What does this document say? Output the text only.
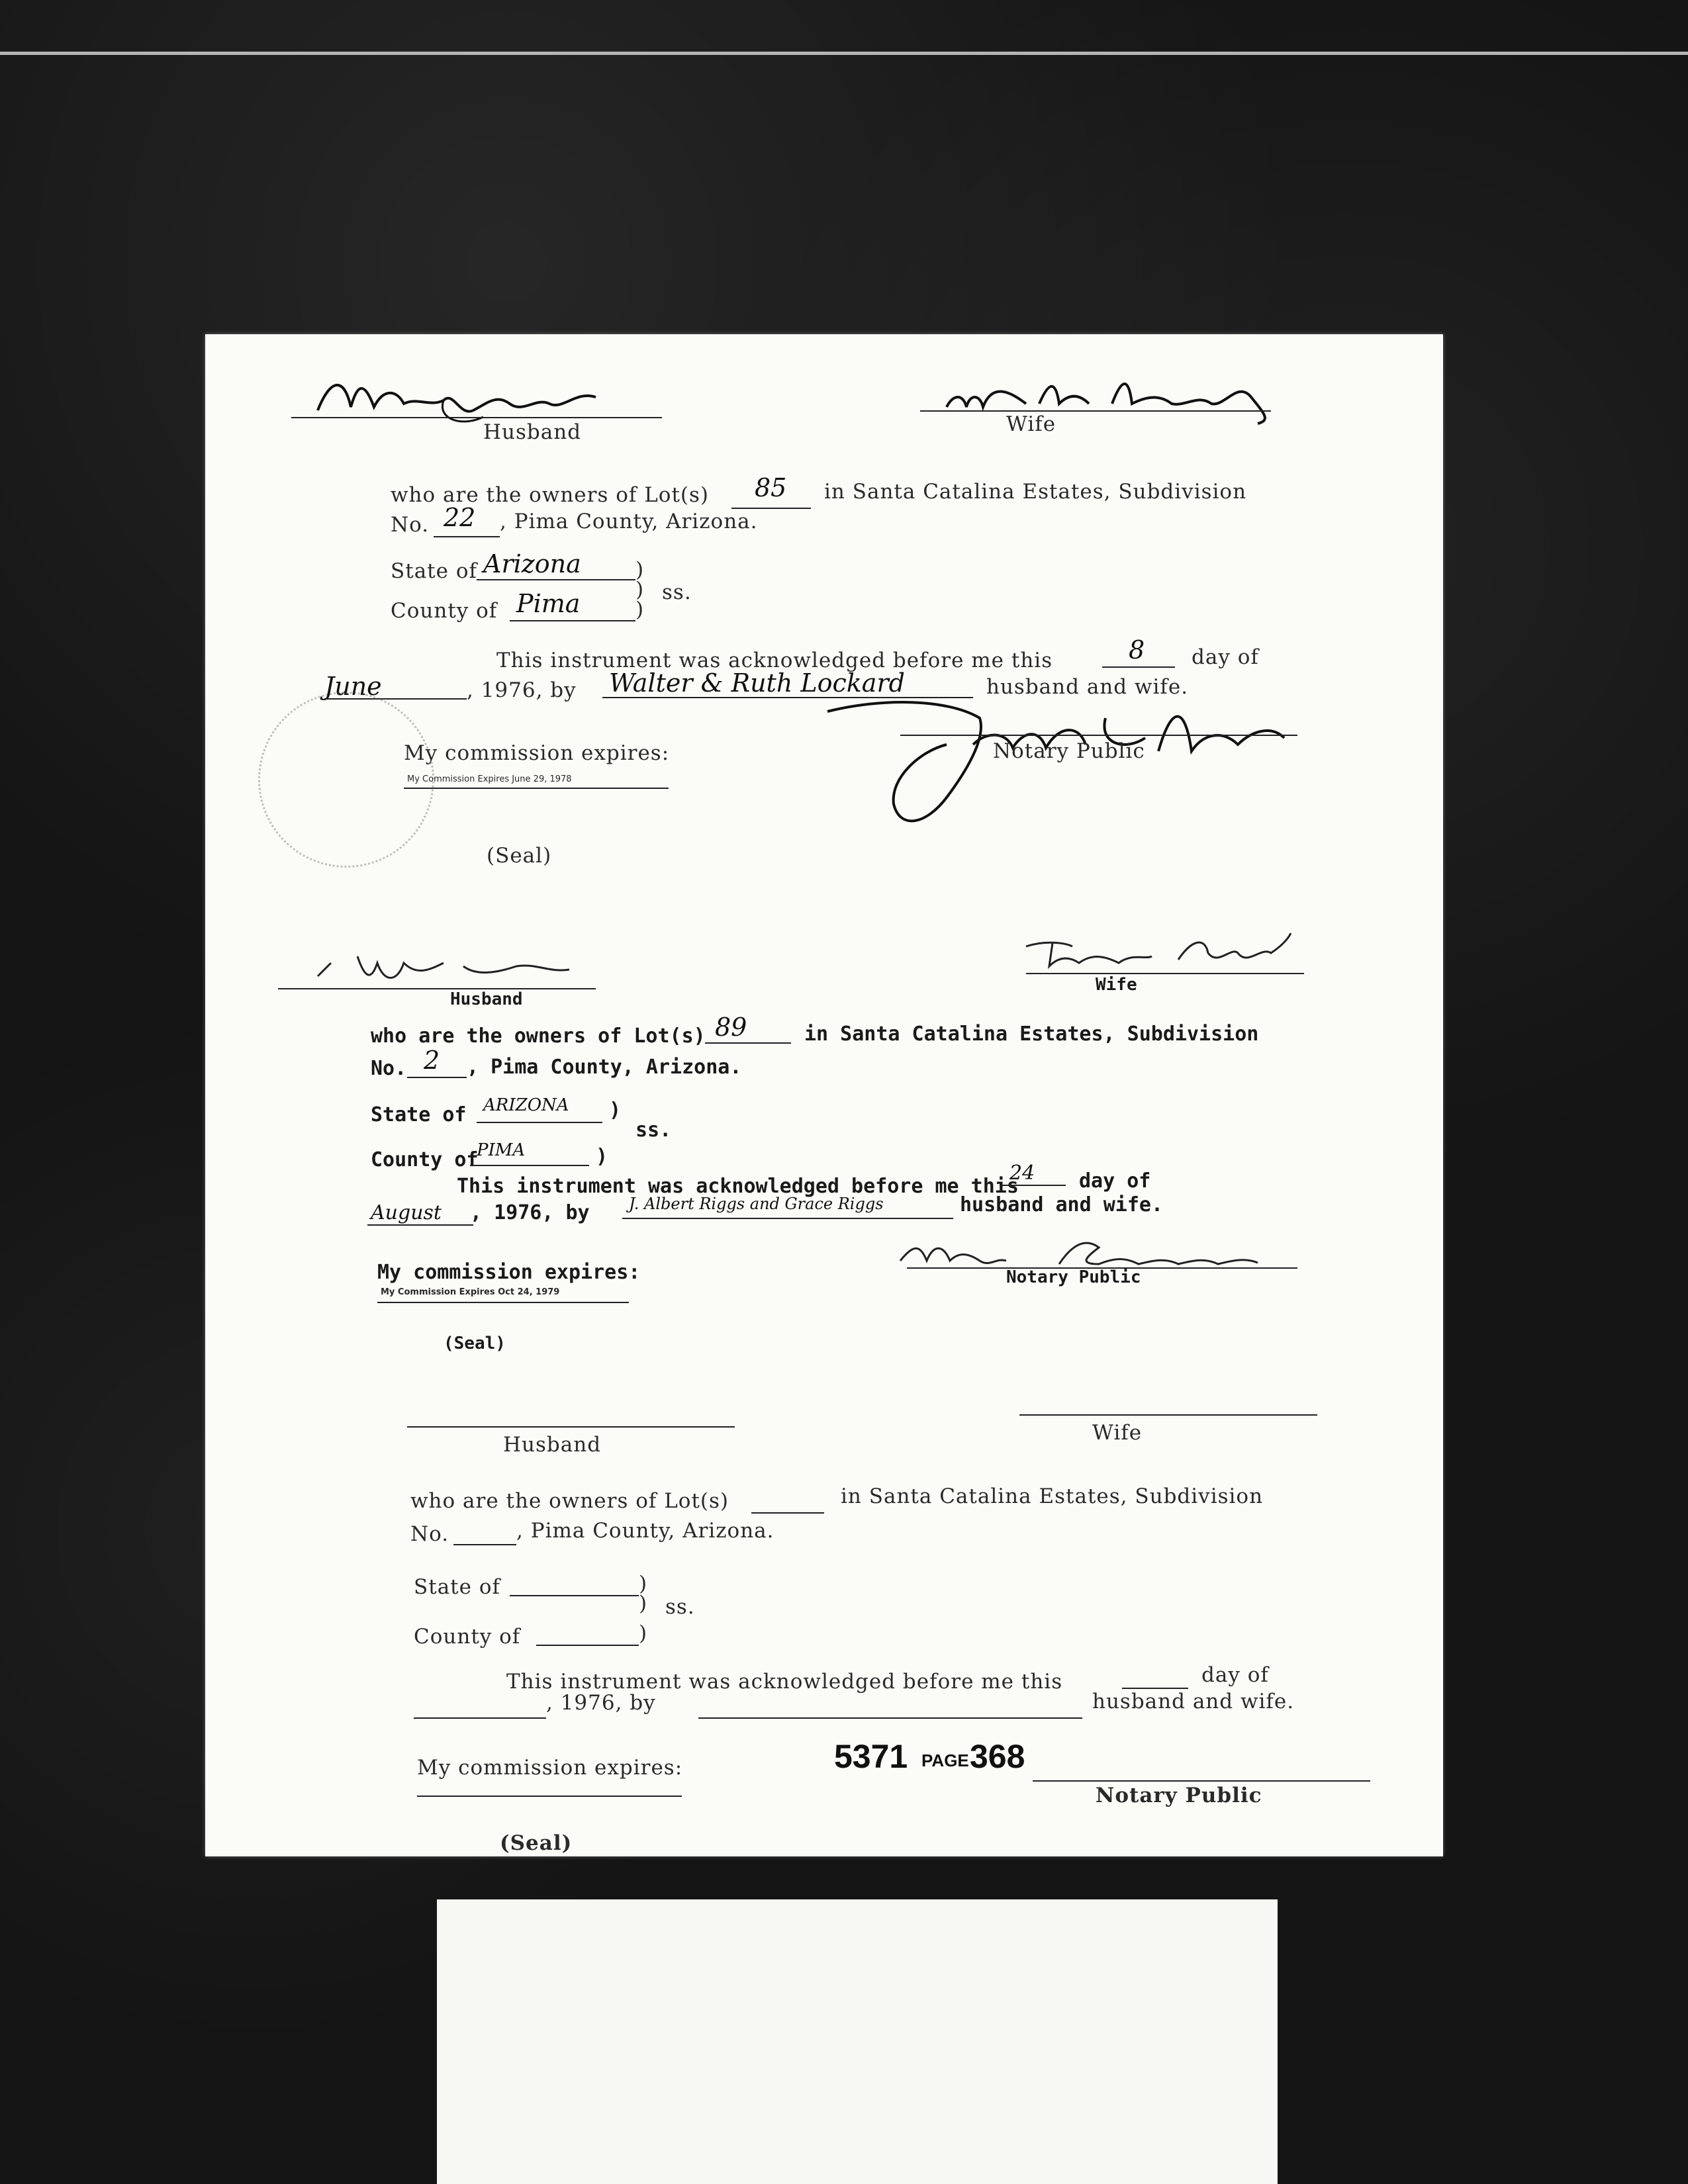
Husband	Wife
who are the owners of Lot(s) 85 in Santa Catalina Estates, Subdivision
No. 22 , Pima County, Arizona.
State of Arizona	)
) ss.
County of Pima	)
This instrument was acknowledged before me this	8 day of
June	, 1976, by Walter & Ruth Lockard	husband and wife.
My commission expires:
My Commission Expires June 29, 1978
Notary Public
(Seal)
Husband
Wife
who are the owners of Lot(s) 89	in Santa Catalina Estates, Subdivision
No. 2 , Pima County, Arizona.
State of ARIZONA )
ss.
County of
PIMA	)
This instrument was acknowledged before me this
24 day of
August , 1976, by J. Albert Riggs and Grace Riggs	husband and wife.
My commission expires:
My Commission Expires Oct 24, 1979
Notary Public
(Seal)
Husband	Wife
who are the owners of Lot(s)	in Santa Catalina Estates, Subdivision
No.	, Pima County, Arizona.
State of	)
) ss.
County of	)
This instrument was acknowledged before me this	day of
, 1976, by	husband and wife.
My commission expires:	5371 PAGE 368
Notary Public
(Seal)
